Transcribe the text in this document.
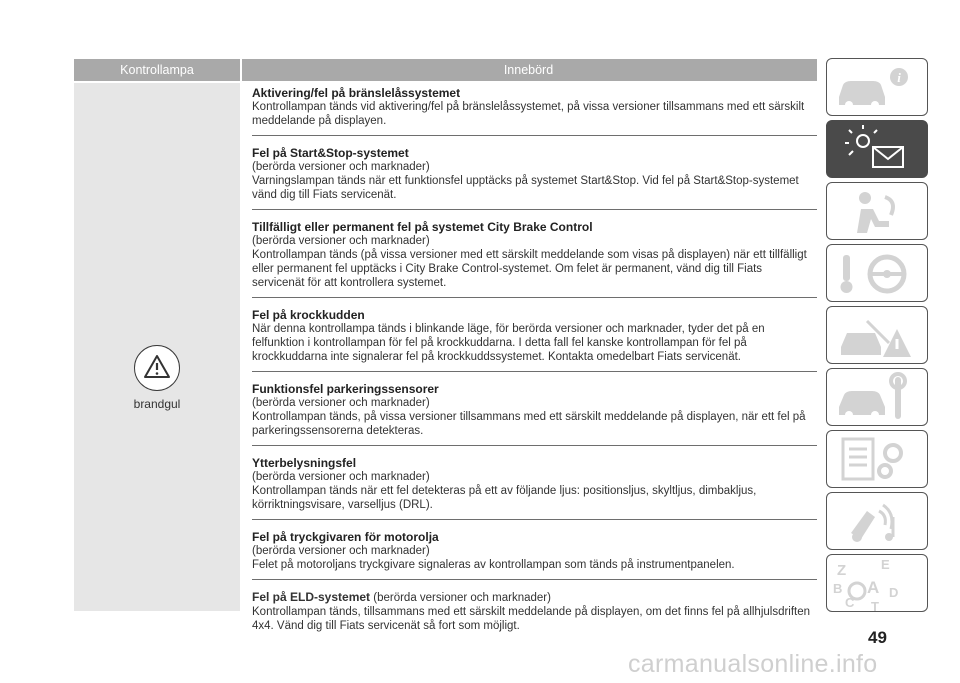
Kontrollampa	Innebörd
brandgul
Aktivering/fel på bränslelåssystemet

Kontrollampan tänds vid aktivering/fel på bränslelåssystemet, på vissa versioner tillsammans med ett särskilt meddelande på displayen.

Fel på Start&Stop-systemet
(berörda versioner och marknader)

Varningslampan tänds när ett funktionsfel upptäcks på systemet Start&Stop. Vid fel på Start&Stop-systemet vänd dig till Fiats servicenät.

Tillfälligt eller permanent fel på systemet City Brake Control
(berörda versioner och marknader)

Kontrollampan tänds (på vissa versioner med ett särskilt meddelande som visas på displayen) när ett tillfälligt eller permanent fel upptäcks i City Brake Control-systemet. Om felet är permanent, vänd dig till Fiats servicenät för att kontrollera systemet.

Fel på krockkudden

När denna kontrollampa tänds i blinkande läge, för berörda versioner och marknader, tyder det på en felfunktion i kontrollampan för fel på krockkuddarna. I detta fall fel kanske kontrollampan för fel på krockkuddarna inte signalerar fel på krockkuddssystemet. Kontakta omedelbart Fiats servicenät.

Funktionsfel parkeringssensorer
(berörda versioner och marknader)

Kontrollampan tänds, på vissa versioner tillsammans med ett särskilt meddelande på displayen, när ett fel på parkeringssensorerna detekteras.

Ytterbelysningsfel
(berörda versioner och marknader)

Kontrollampan tänds när ett fel detekteras på ett av följande ljus: positionsljus, skyltljus, dimbakljus, körriktningsvisare, varselljus (DRL).

Fel på tryckgivaren för motorolja
(berörda versioner och marknader)

Felet på motoroljans tryckgivare signaleras av kontrollampan som tänds på instrumentpanelen.

Fel på ELD-systemet (berörda versioner och marknader)

Kontrollampan tänds, tillsammans med ett särskilt meddelande på displayen, om det finns fel på allhjulsdriften 4x4. Vänd dig till Fiats servicenät så fort som möjligt.

i
Z	E
B A D
C T
49
carmanualsonline.info
